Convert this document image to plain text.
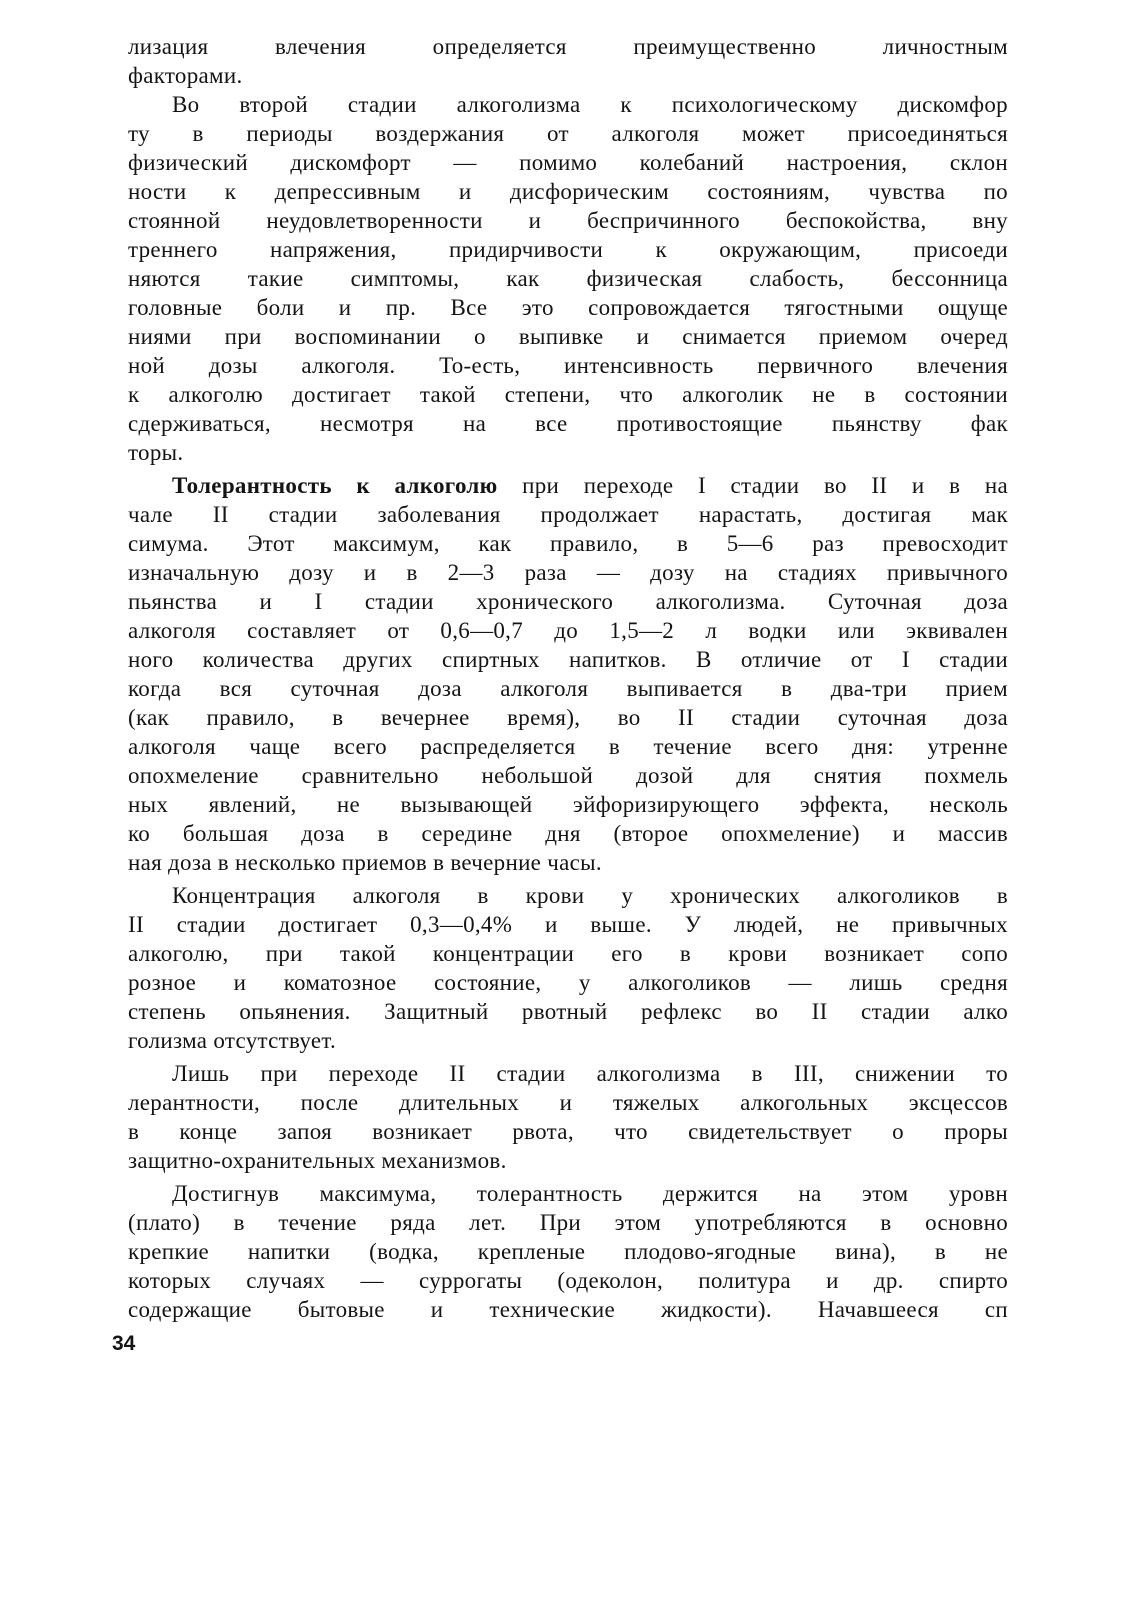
лизация влечения определяется преимущественно личностным
факторами.
Во второй стадии алкоголизма к психологическому дискомфор
ту в периоды воздержания от алкоголя может присоединяться
физический дискомфорт — помимо колебаний настроения, склон
ности к депрессивным и дисфорическим состояниям, чувства по
стоянной неудовлетворенности и беспричинного беспокойства, вну
треннего напряжения, придирчивости к окружающим, присоеди
няются такие симптомы, как физическая слабость, бессонница
головные боли и пр. Все это сопровождается тягостными ощуще
ниями при воспоминании о выпивке и снимается приемом очеред
ной дозы алкоголя. То-есть, интенсивность первичного влечения
к алкоголю достигает такой степени, что алкоголик не в состоянии
сдерживаться, несмотря на все противостоящие пьянству фак
торы.
Толерантность к алкоголю при переходе I стадии во II и в на
чале II стадии заболевания продолжает нарастать, достигая мак
симума. Этот максимум, как правило, в 5—6 раз превосходит
изначальную дозу и в 2—3 раза — дозу на стадиях привычного
пьянства и I стадии хронического алкоголизма. Суточная доза
алкоголя составляет от 0,6—0,7 до 1,5—2 л водки или эквивален
ного количества других спиртных напитков. В отличие от I стадии
когда вся суточная доза алкоголя выпивается в два-три прием
(как правило, в вечернее время), во II стадии суточная доза
алкоголя чаще всего распределяется в течение всего дня: утренне
опохмеление сравнительно небольшой дозой для снятия похмель
ных явлений, не вызывающей эйфоризирующего эффекта, несколь
ко большая доза в середине дня (второе опохмеление) и массив
ная доза в несколько приемов в вечерние часы.
Концентрация алкоголя в крови у хронических алкоголиков в
II стадии достигает 0,3—0,4% и выше. У людей, не привычных
алкоголю, при такой концентрации его в крови возникает сопо
розное и коматозное состояние, у алкоголиков — лишь средня
степень опьянения. Защитный рвотный рефлекс во II стадии алко
голизма отсутствует.
Лишь при переходе II стадии алкоголизма в III, снижении то
лерантности, после длительных и тяжелых алкогольных эксцессов
в конце запоя возникает рвота, что свидетельствует о проры
защитно-охранительных механизмов.
Достигнув максимума, толерантность держится на этом уровн
(плато) в течение ряда лет. При этом употребляются в основно
крепкие напитки (водка, крепленые плодово-ягодные вина), в не
которых случаях — суррогаты (одеколон, политура и др. спирто
содержащие бытовые и технические жидкости). Начавшееся сп
34
